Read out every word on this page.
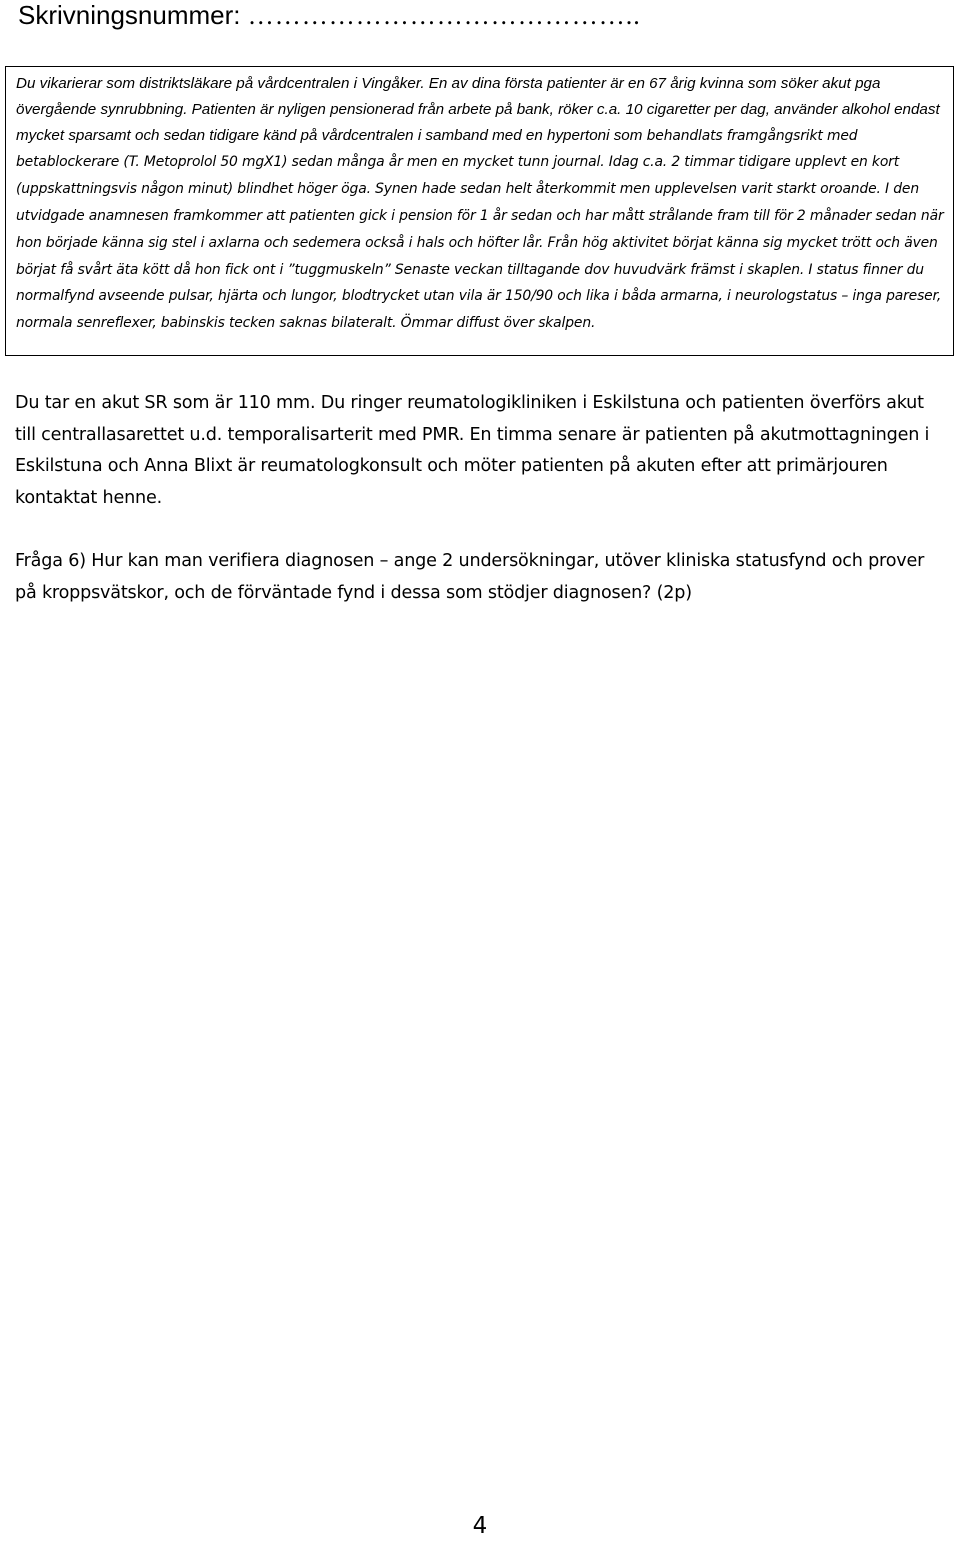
Skrivningsnummer: ……………………………………..
Du vikarierar som distriktsläkare på vårdcentralen i Vingåker. En av dina första patienter är en 67 årig kvinna som söker akut pga övergående synrubbning. Patienten är nyligen pensionerad från arbete på bank, röker c.a. 10 cigaretter per dag, använder alkohol endast mycket sparsamt och sedan tidigare känd på vårdcentralen i samband med en hypertoni som behandlats framgångsrikt med betablockerare (T. Metoprolol 50 mgX1) sedan många år men en mycket tunn journal. Idag c.a. 2 timmar tidigare upplevt en kort (uppskattningsvis någon minut) blindhet höger öga. Synen hade sedan helt återkommit men upplevelsen varit starkt oroande. I den utvidgade anamnesen framkommer att patienten gick i pension för 1 år sedan och har mått strålande fram till för 2 månader sedan när hon började känna sig stel i axlarna och sedemera också i hals och höfter lår. Från hög aktivitet börjat känna sig mycket trött och även börjat få svårt äta kött då hon fick ont i ”tuggmuskeln” Senaste veckan tilltagande dov huvudvärk främst i skaplen. I status finner du normalfynd avseende pulsar, hjärta och lungor, blodtrycket utan vila är 150/90 och lika i båda armarna, i neurologstatus – inga pareser, normala senreflexer, babinskis tecken saknas bilateralt. Ömmar diffust över skalpen.
Du tar en akut SR som är 110 mm. Du ringer reumatologikliniken i Eskilstuna och patienten överförs akut till centrallasarettet u.d. temporalisarterit med PMR. En timma senare är patienten på akutmottagningen i Eskilstuna och Anna Blixt är reumatologkonsult och möter patienten på akuten efter att primärjouren kontaktat henne.
Fråga 6) Hur kan man verifiera diagnosen – ange 2 undersökningar, utöver kliniska statusfynd och prover på kroppsvätskor, och de förväntade fynd i dessa som stödjer diagnosen? (2p)
4
